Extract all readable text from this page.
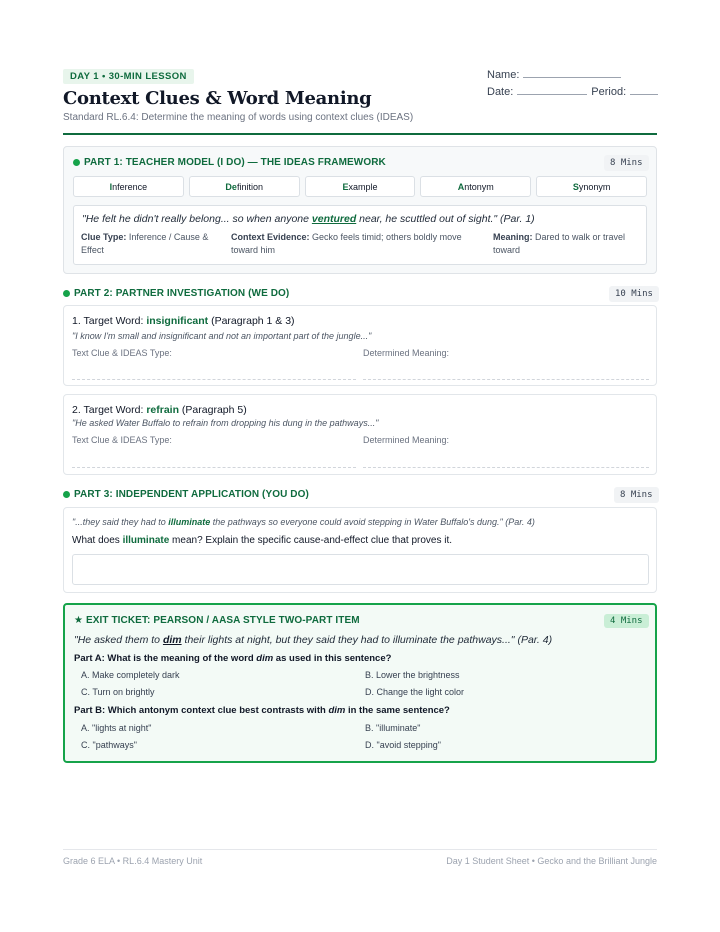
DAY 1 • 30-MIN LESSON
Context Clues & Word Meaning
Standard RL.6.4: Determine the meaning of words using context clues (IDEAS)
Name:
Date:	Period:
PART 1: TEACHER MODEL (I DO) — THE IDEAS FRAMEWORK	8 Mins
I nference	De finition	E xample	A ntonym	S ynonym
"He felt he didn't really belong... so when anyone ventured near, he scuttled out of sight." (Par. 1)
Clue Type: Inference / Cause & Effect
Context Evidence: Gecko feels timid; others boldly move toward him
Meaning: Dared to walk or travel toward
PART 2: PARTNER INVESTIGATION (WE DO)	10 Mins
1. Target Word: insignificant (Paragraph 1 & 3)
"I know I'm small and insignificant and not an important part of the jungle..."
Text Clue & IDEAS Type:	Determined Meaning:
2. Target Word: refrain (Paragraph 5)
"He asked Water Buffalo to refrain from dropping his dung in the pathways..."
Text Clue & IDEAS Type:	Determined Meaning:
PART 3: INDEPENDENT APPLICATION (YOU DO)	8 Mins
"...they said they had to illuminate the pathways so everyone could avoid stepping in Water Buffalo's dung." (Par. 4)
What does illuminate mean? Explain the specific cause-and-effect clue that proves it.
★ EXIT TICKET: PEARSON / AASA STYLE TWO-PART ITEM	4 Mins
"He asked them to dim their lights at night, but they said they had to illuminate the pathways..." (Par. 4)
Part A: What is the meaning of the word dim as used in this sentence?
A. Make completely dark	B. Lower the brightness
C. Turn on brightly	D. Change the light color
Part B: Which antonym context clue best contrasts with dim in the same sentence?
A. "lights at night"	B. "illuminate"
C. "pathways"	D. "avoid stepping"
Grade 6 ELA • RL.6.4 Mastery Unit	Day 1 Student Sheet • Gecko and the Brilliant Jungle
